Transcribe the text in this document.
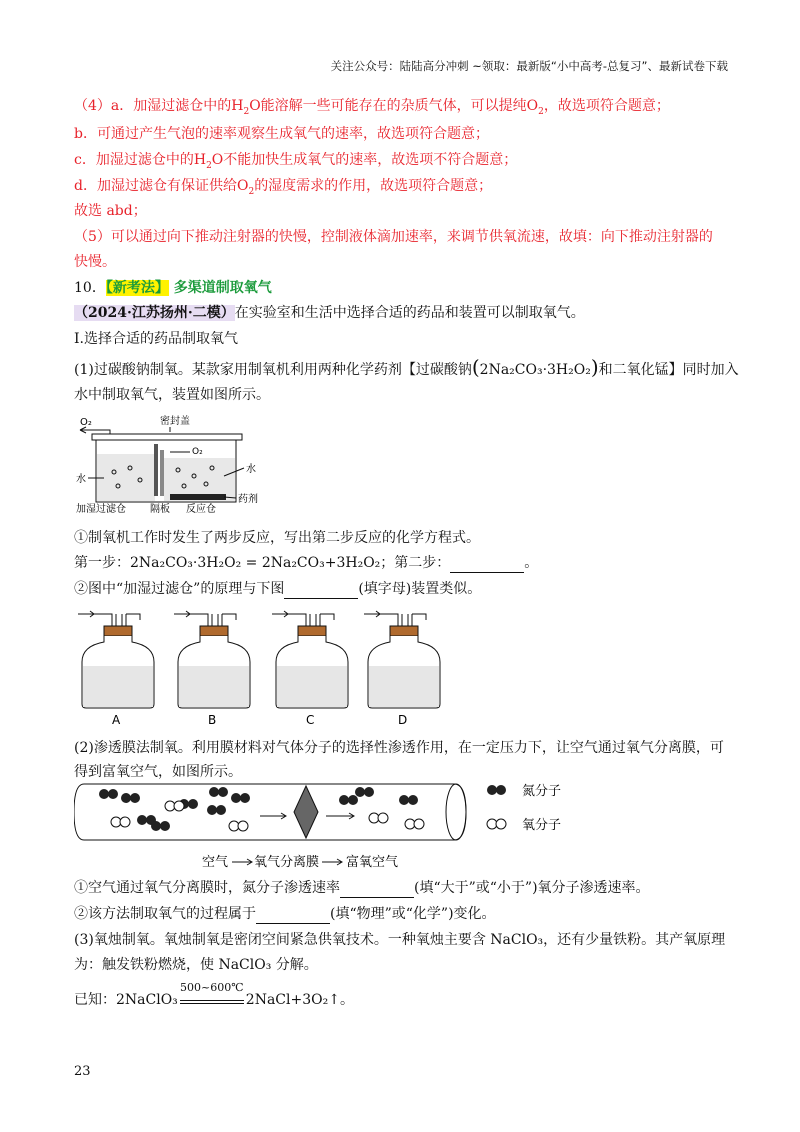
关注公众号：陆陆高分冲刺 ~领取：最新版“小中高考-总复习”、最新试卷下载
（4）a．加湿过滤仓中的$H_2O$能溶解一些可能存在的杂质气体，可以提纯$O_2$，故选项符合题意；
b．可通过产生气泡的速率观察生成氧气的速率，故选项符合题意；
c．加湿过滤仓中的$H_2O$不能加快生成氧气的速率，故选项不符合题意；
d．加湿过滤仓有保证供给$O_2$的湿度需求的作用，故选项符合题意；
故选 abd；
（5）可以通过向下推动注射器的快慢，控制液体滴加速率，来调节供氧流速，故填：向下推动注射器的
快慢。
10．【新考法】 多渠道制取氧气
（2024·江苏扬州·二模）在实验室和生活中选择合适的药品和装置可以制取氧气。
I.选择合适的药品制取氧气
(1)过碳酸钠制氧。某款家用制氧机利用两种化学药剂【过碳酸钠(2Na₂CO₃·3H₂O₂)和二氧化锰】同时加入
水中制取氧气，装置如图所示。
O₂	密封盖
O₂
水
水
药剂
加湿过滤仓 隔板 反应仓
①制氧机工作时发生了两步反应，写出第二步反应的化学方程式。
第一步：2Na₂CO₃·3H₂O₂ = 2Na₂CO₃+3H₂O₂；第二步：	。
②图中“加湿过滤仓”的原理与下图	(填字母)装置类似。
A	B	C	D
(2)渗透膜法制氧。利用膜材料对气体分子的选择性渗透作用，在一定压力下，让空气通过氧气分离膜，可
得到富氧空气，如图所示。
氮分子
氧分子
空气 氧气分离膜 富氧空气
①空气通过氧气分离膜时，氮分子渗透速率	(填“大于”或“小于”)氧分子渗透速率。
②该方法制取氧气的过程属于	(填“物理”或“化学”)变化。
(3)氧烛制氧。氧烛制氧是密闭空间紧急供氧技术。一种氧烛主要含 NaClO₃，还有少量铁粉。其产氧原理
为：触发铁粉燃烧，使 NaClO₃ 分解。
已知：2NaClO₃
500~600℃
2NaCl+3O₂↑。
23
